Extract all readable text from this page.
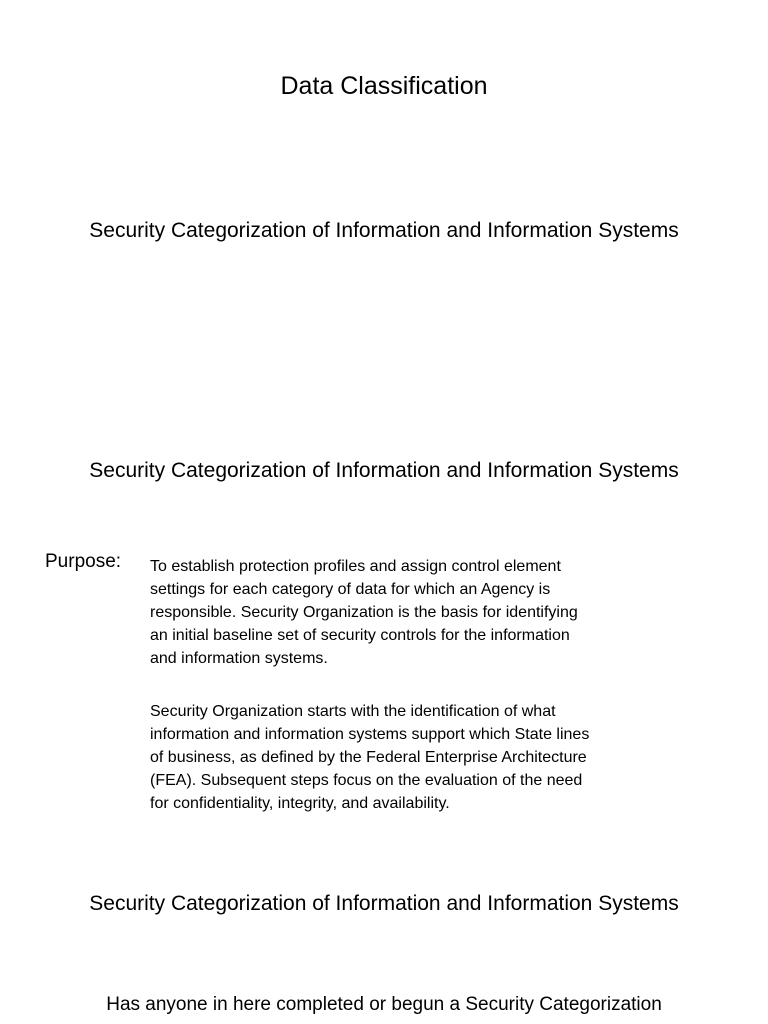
Data Classification
Security Categorization of Information and Information Systems
Security Categorization of Information and Information Systems
Purpose: To establish protection profiles and assign control element
settings for each category of data for which an Agency is
responsible. Security Organization is the basis for identifying
an initial baseline set of security controls for the information
and information systems.
Security Organization starts with the identification of what
information and information systems support which State lines
of business, as defined by the Federal Enterprise Architecture
(FEA). Subsequent steps focus on the evaluation of the need
for confidentiality, integrity, and availability.
Security Categorization of Information and Information Systems
Has anyone in here completed or begun a Security Categorization
